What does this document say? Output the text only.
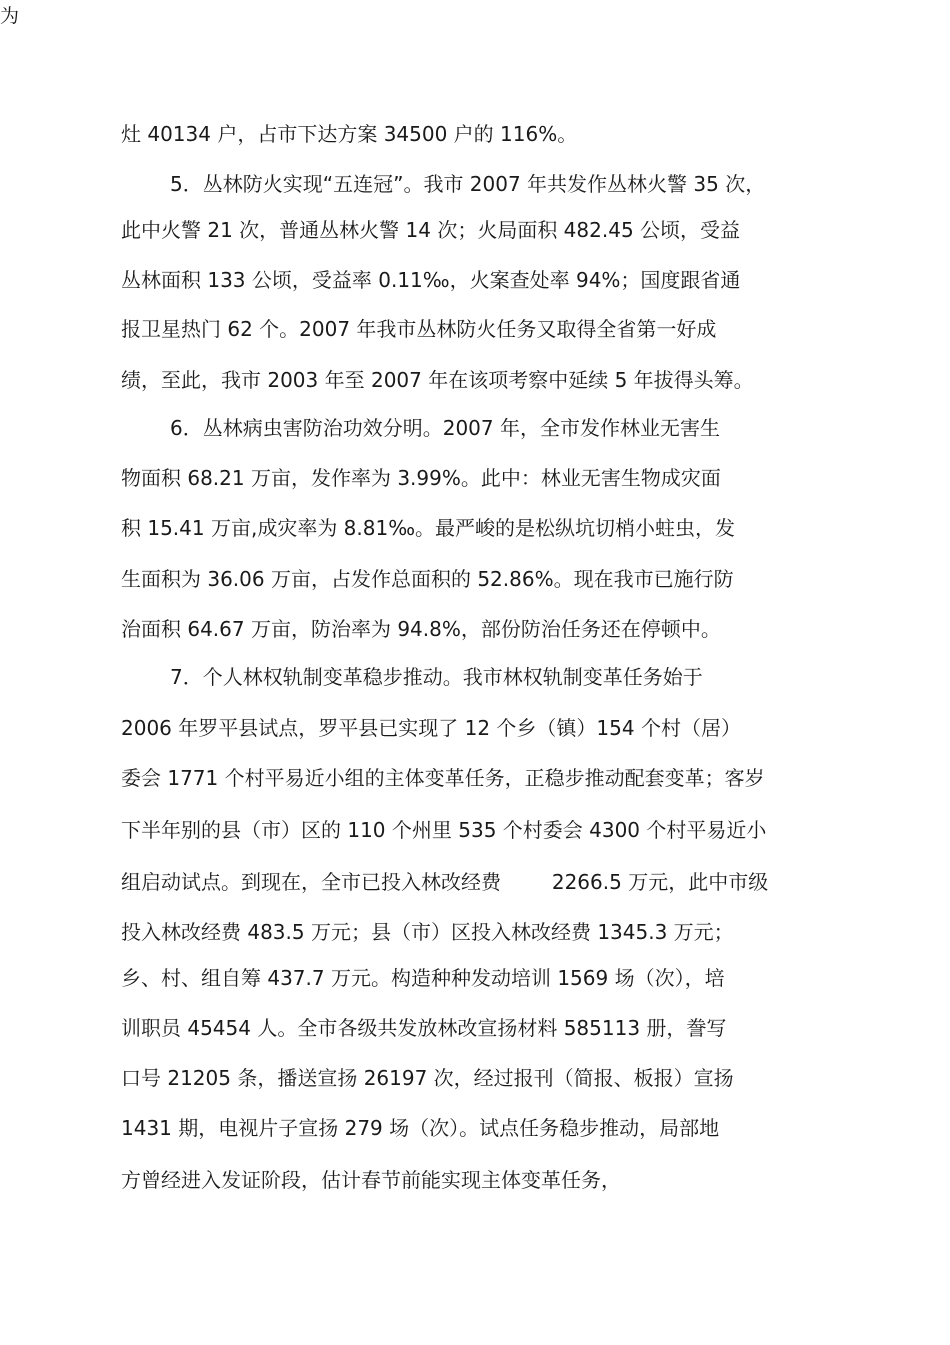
为
灶 40134 户，占市下达方案 34500 户的 116%。
5．丛林防火实现“五连冠”。我市 2007 年共发作丛林火警 35 次，
此中火警 21 次，普通丛林火警 14 次；火局面积 482.45 公顷，受益
丛林面积 133 公顷，受益率 0.11‰，火案查处率 94%；国度跟省通
报卫星热门 62 个。2007 年我市丛林防火任务又取得全省第一好成
绩，至此，我市 2003 年至 2007 年在该项考察中延续 5 年拔得头筹。
6．丛林病虫害防治功效分明。2007 年，全市发作林业无害生
物面积 68.21 万亩，发作率为 3.99%。此中：林业无害生物成灾面
积 15.41 万亩,成灾率为 8.81‰。最严峻的是松纵坑切梢小蛀虫，发
生面积为 36.06 万亩，占发作总面积的 52.86%。现在我市已施行防
治面积 64.67 万亩，防治率为 94.8%，部份防治任务还在停顿中。
7．个人林权轨制变革稳步推动。我市林权轨制变革任务始于
2006 年罗平县试点，罗平县已实现了 12 个乡（镇）154 个村（居）
委会 1771 个村平易近小组的主体变革任务，正稳步推动配套变革；客岁
下半年别的县（市）区的 110 个州里 535 个村委会 4300 个村平易近小
组启动试点。到现在，全市已投入林改经费        2266.5 万元，此中市级
投入林改经费 483.5 万元；县（市）区投入林改经费 1345.3 万元；
乡、村、组自筹 437.7 万元。构造种种发动培训 1569 场（次），培
训职员 45454 人。全市各级共发放林改宣扬材料 585113 册，誊写
口号 21205 条，播送宣扬 26197 次，经过报刊（简报、板报）宣扬
1431 期，电视片子宣扬 279 场（次）。试点任务稳步推动，局部地
方曾经进入发证阶段，估计春节前能实现主体变革任务，
